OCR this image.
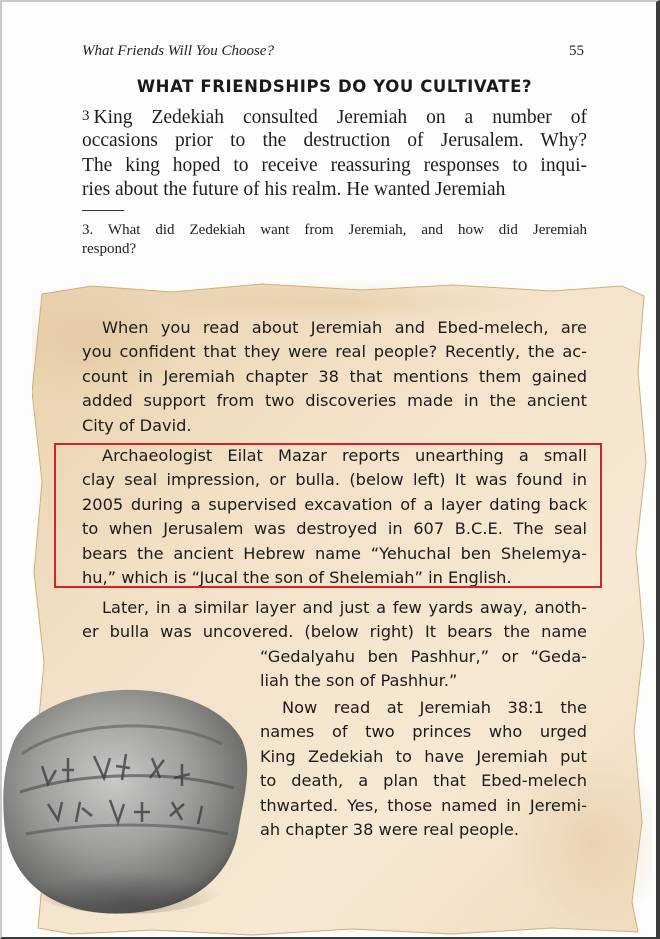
What Friends Will You Choose?	55
WHAT FRIENDSHIPS DO YOU CULTIVATE?
3 King Zedekiah consulted Jeremiah on a number of
occasions prior to the destruction of Jerusalem. Why?
The king hoped to receive reassuring responses to inqui-
ries about the future of his realm. He wanted Jeremiah
3. What did Zedekiah want from Jeremiah, and how did Jeremiah
respond?
When you read about Jeremiah and Ebed-melech, are
you confident that they were real people? Recently, the ac-
count in Jeremiah chapter 38 that mentions them gained
added support from two discoveries made in the ancient
City of David.
Archaeologist Eilat Mazar reports unearthing a small
clay seal impression, or bulla. (below left) It was found in
2005 during a supervised excavation of a layer dating back
to when Jerusalem was destroyed in 607 B.C.E. The seal
bears the ancient Hebrew name “Yehuchal ben Shelemya-
hu,” which is “Jucal the son of Shelemiah” in English.
Later, in a similar layer and just a few yards away, anoth-
er bulla was uncovered. (below right) It bears the name
“Gedalyahu ben Pashhur,” or “Geda-
liah the son of Pashhur.”
Now read at Jeremiah 38:1 the
names of two princes who urged
King Zedekiah to have Jeremiah put
to death, a plan that Ebed-melech
thwarted. Yes, those named in Jeremi-
ah chapter 38 were real people.
